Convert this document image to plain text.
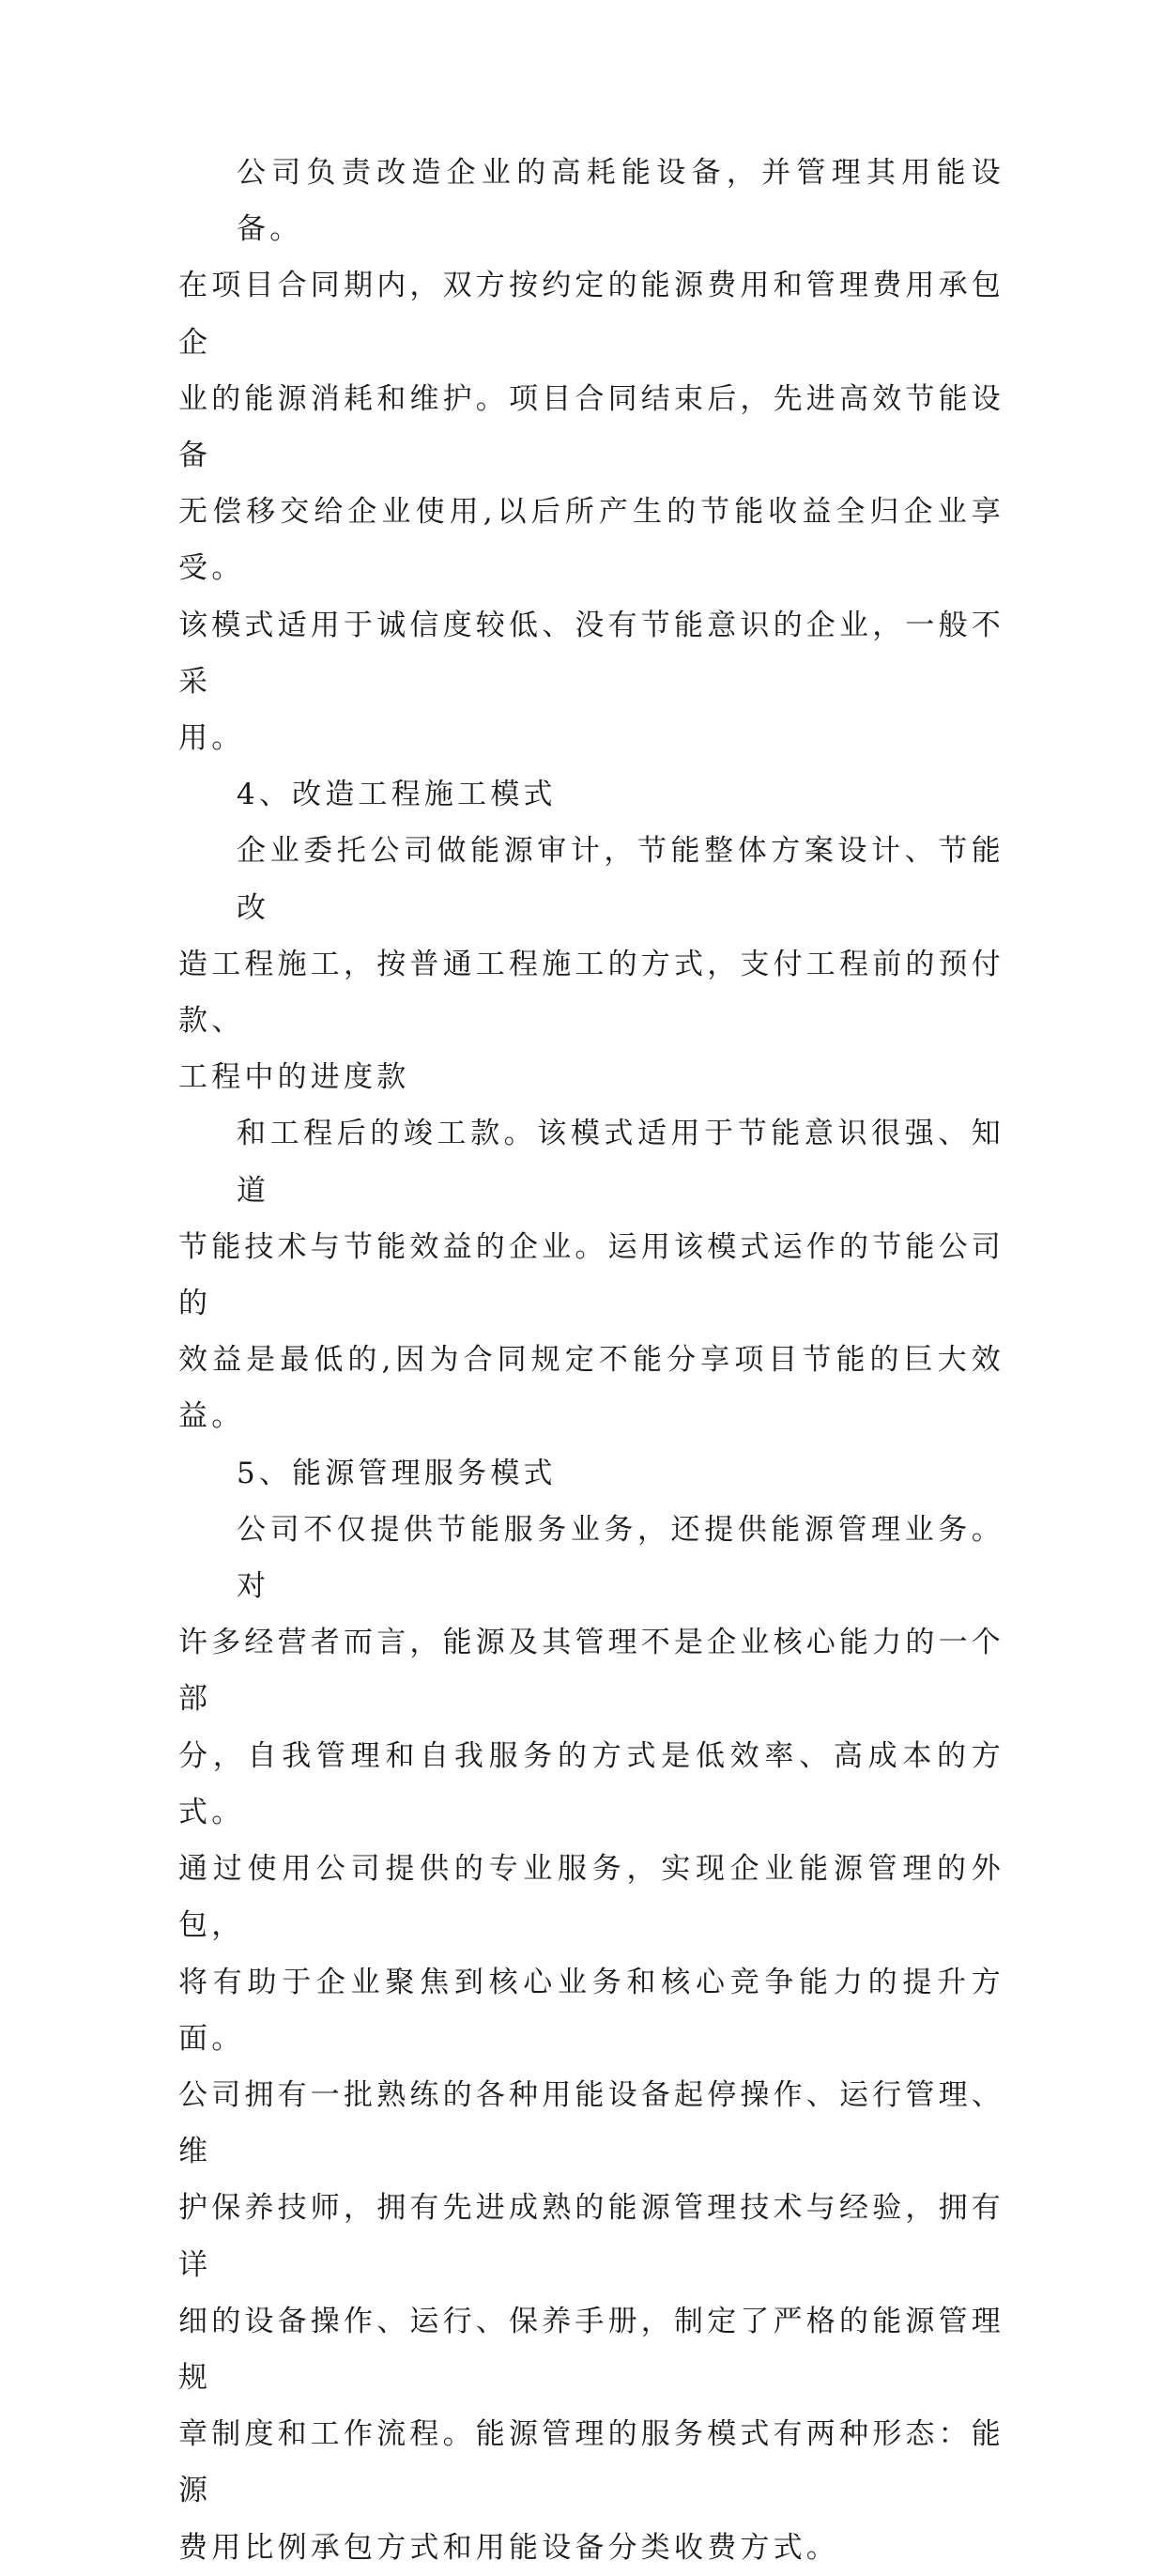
公司负责改造企业的高耗能设备，并管理其用能设备。
在项目合同期内，双方按约定的能源费用和管理费用承包企
业的能源消耗和维护。项目合同结束后，先进高效节能设备
无偿移交给企业使用,以后所产生的节能收益全归企业享受。
该模式适用于诚信度较低、没有节能意识的企业，一般不采
用。

4、改造工程施工模式

企业委托公司做能源审计，节能整体方案设计、节能改
造工程施工，按普通工程施工的方式，支付工程前的预付款、
工程中的进度款

和工程后的竣工款。该模式适用于节能意识很强、知道
节能技术与节能效益的企业。运用该模式运作的节能公司的
效益是最低的,因为合同规定不能分享项目节能的巨大效益。

5、能源管理服务模式

公司不仅提供节能服务业务，还提供能源管理业务。对
许多经营者而言，能源及其管理不是企业核心能力的一个部
分，自我管理和自我服务的方式是低效率、高成本的方式。
通过使用公司提供的专业服务，实现企业能源管理的外包，
将有助于企业聚焦到核心业务和核心竞争能力的提升方面。
公司拥有一批熟练的各种用能设备起停操作、运行管理、维
护保养技师，拥有先进成熟的能源管理技术与经验，拥有详
细的设备操作、运行、保养手册，制定了严格的能源管理规
章制度和工作流程。能源管理的服务模式有两种形态：能源
费用比例承包方式和用能设备分类收费方式。
